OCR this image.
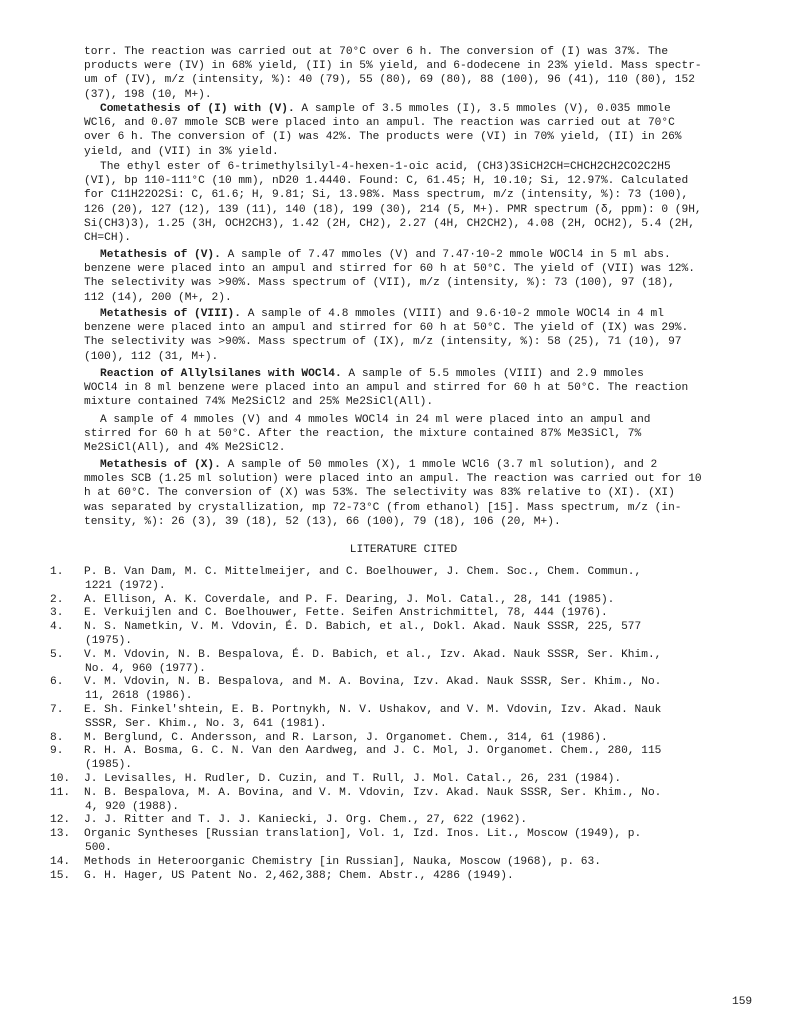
torr. The reaction was carried out at 70°C over 6 h. The conversion of (I) was 37%. The
products were (IV) in 68% yield, (II) in 5% yield, and 6-dodecene in 23% yield. Mass spectr-
um of (IV), m/z (intensity, %): 40 (79), 55 (80), 69 (80), 88 (100), 96 (41), 110 (80), 152
(37), 198 (10, M+).
Cometathesis of (I) with (V). A sample of 3.5 mmoles (I), 3.5 mmoles (V), 0.035 mmole
WCl6, and 0.07 mmole SCB were placed into an ampul. The reaction was carried out at 70°C
over 6 h. The conversion of (I) was 42%. The products were (VI) in 70% yield, (II) in 26%
yield, and (VII) in 3% yield.
The ethyl ester of 6-trimethylsilyl-4-hexen-1-oic acid, (CH3)3SiCH2CH=CHCH2CH2CO2C2H5
(VI), bp 110-111°C (10 mm), nD20 1.4440. Found: C, 61.45; H, 10.10; Si, 12.97%. Calculated
for C11H22O2Si: C, 61.6; H, 9.81; Si, 13.98%. Mass spectrum, m/z (intensity, %): 73 (100),
126 (20), 127 (12), 139 (11), 140 (18), 199 (30), 214 (5, M+). PMR spectrum (δ, ppm): 0 (9H,
Si(CH3)3), 1.25 (3H, OCH2CH3), 1.42 (2H, CH2), 2.27 (4H, CH2CH2), 4.08 (2H, OCH2), 5.4 (2H,
CH=CH).
Metathesis of (V). A sample of 7.47 mmoles (V) and 7.47·10-2 mmole WOCl4 in 5 ml abs.
benzene were placed into an ampul and stirred for 60 h at 50°C. The yield of (VII) was 12%.
The selectivity was >90%. Mass spectrum of (VII), m/z (intensity, %): 73 (100), 97 (18),
112 (14), 200 (M+, 2).
Metathesis of (VIII). A sample of 4.8 mmoles (VIII) and 9.6·10-2 mmole WOCl4 in 4 ml
benzene were placed into an ampul and stirred for 60 h at 50°C. The yield of (IX) was 29%.
The selectivity was >90%. Mass spectrum of (IX), m/z (intensity, %): 58 (25), 71 (10), 97
(100), 112 (31, M+).
Reaction of Allylsilanes with WOCl4. A sample of 5.5 mmoles (VIII) and 2.9 mmoles
WOCl4 in 8 ml benzene were placed into an ampul and stirred for 60 h at 50°C. The reaction
mixture contained 74% Me2SiCl2 and 25% Me2SiCl(All).
A sample of 4 mmoles (V) and 4 mmoles WOCl4 in 24 ml were placed into an ampul and
stirred for 60 h at 50°C. After the reaction, the mixture contained 87% Me3SiCl, 7%
Me2SiCl(All), and 4% Me2SiCl2.
Metathesis of (X). A sample of 50 mmoles (X), 1 mmole WCl6 (3.7 ml solution), and 2
mmoles SCB (1.25 ml solution) were placed into an ampul. The reaction was carried out for 10
h at 60°C. The conversion of (X) was 53%. The selectivity was 83% relative to (XI). (XI)
was separated by crystallization, mp 72-73°C (from ethanol) [15]. Mass spectrum, m/z (in-
tensity, %): 26 (3), 39 (18), 52 (13), 66 (100), 79 (18), 106 (20, M+).
LITERATURE CITED
1.	P. B. Van Dam, M. C. Mittelmeijer, and C. Boelhouwer, J. Chem. Soc., Chem. Commun.,
1221 (1972).
2.	A. Ellison, A. K. Coverdale, and P. F. Dearing, J. Mol. Catal., 28, 141 (1985).
3.	E. Verkuijlen and C. Boelhouwer, Fette. Seifen Anstrichmittel, 78, 444 (1976).
4.	N. S. Nametkin, V. M. Vdovin, É. D. Babich, et al., Dokl. Akad. Nauk SSSR, 225, 577
(1975).
5.	V. M. Vdovin, N. B. Bespalova, É. D. Babich, et al., Izv. Akad. Nauk SSSR, Ser. Khim.,
No. 4, 960 (1977).
6.	V. M. Vdovin, N. B. Bespalova, and M. A. Bovina, Izv. Akad. Nauk SSSR, Ser. Khim., No.
11, 2618 (1986).
7.	E. Sh. Finkel'shtein, E. B. Portnykh, N. V. Ushakov, and V. M. Vdovin, Izv. Akad. Nauk
SSSR, Ser. Khim., No. 3, 641 (1981).
8.	M. Berglund, C. Andersson, and R. Larson, J. Organomet. Chem., 314, 61 (1986).
9.	R. H. A. Bosma, G. C. N. Van den Aardweg, and J. C. Mol, J. Organomet. Chem., 280, 115
(1985).
10.	J. Levisalles, H. Rudler, D. Cuzin, and T. Rull, J. Mol. Catal., 26, 231 (1984).
11.	N. B. Bespalova, M. A. Bovina, and V. M. Vdovin, Izv. Akad. Nauk SSSR, Ser. Khim., No.
4, 920 (1988).
12.	J. J. Ritter and T. J. J. Kaniecki, J. Org. Chem., 27, 622 (1962).
13.	Organic Syntheses [Russian translation], Vol. 1, Izd. Inos. Lit., Moscow (1949), p.
500.
14.	Methods in Heteroorganic Chemistry [in Russian], Nauka, Moscow (1968), p. 63.
15.	G. H. Hager, US Patent No. 2,462,388; Chem. Abstr., 4286 (1949).
159
